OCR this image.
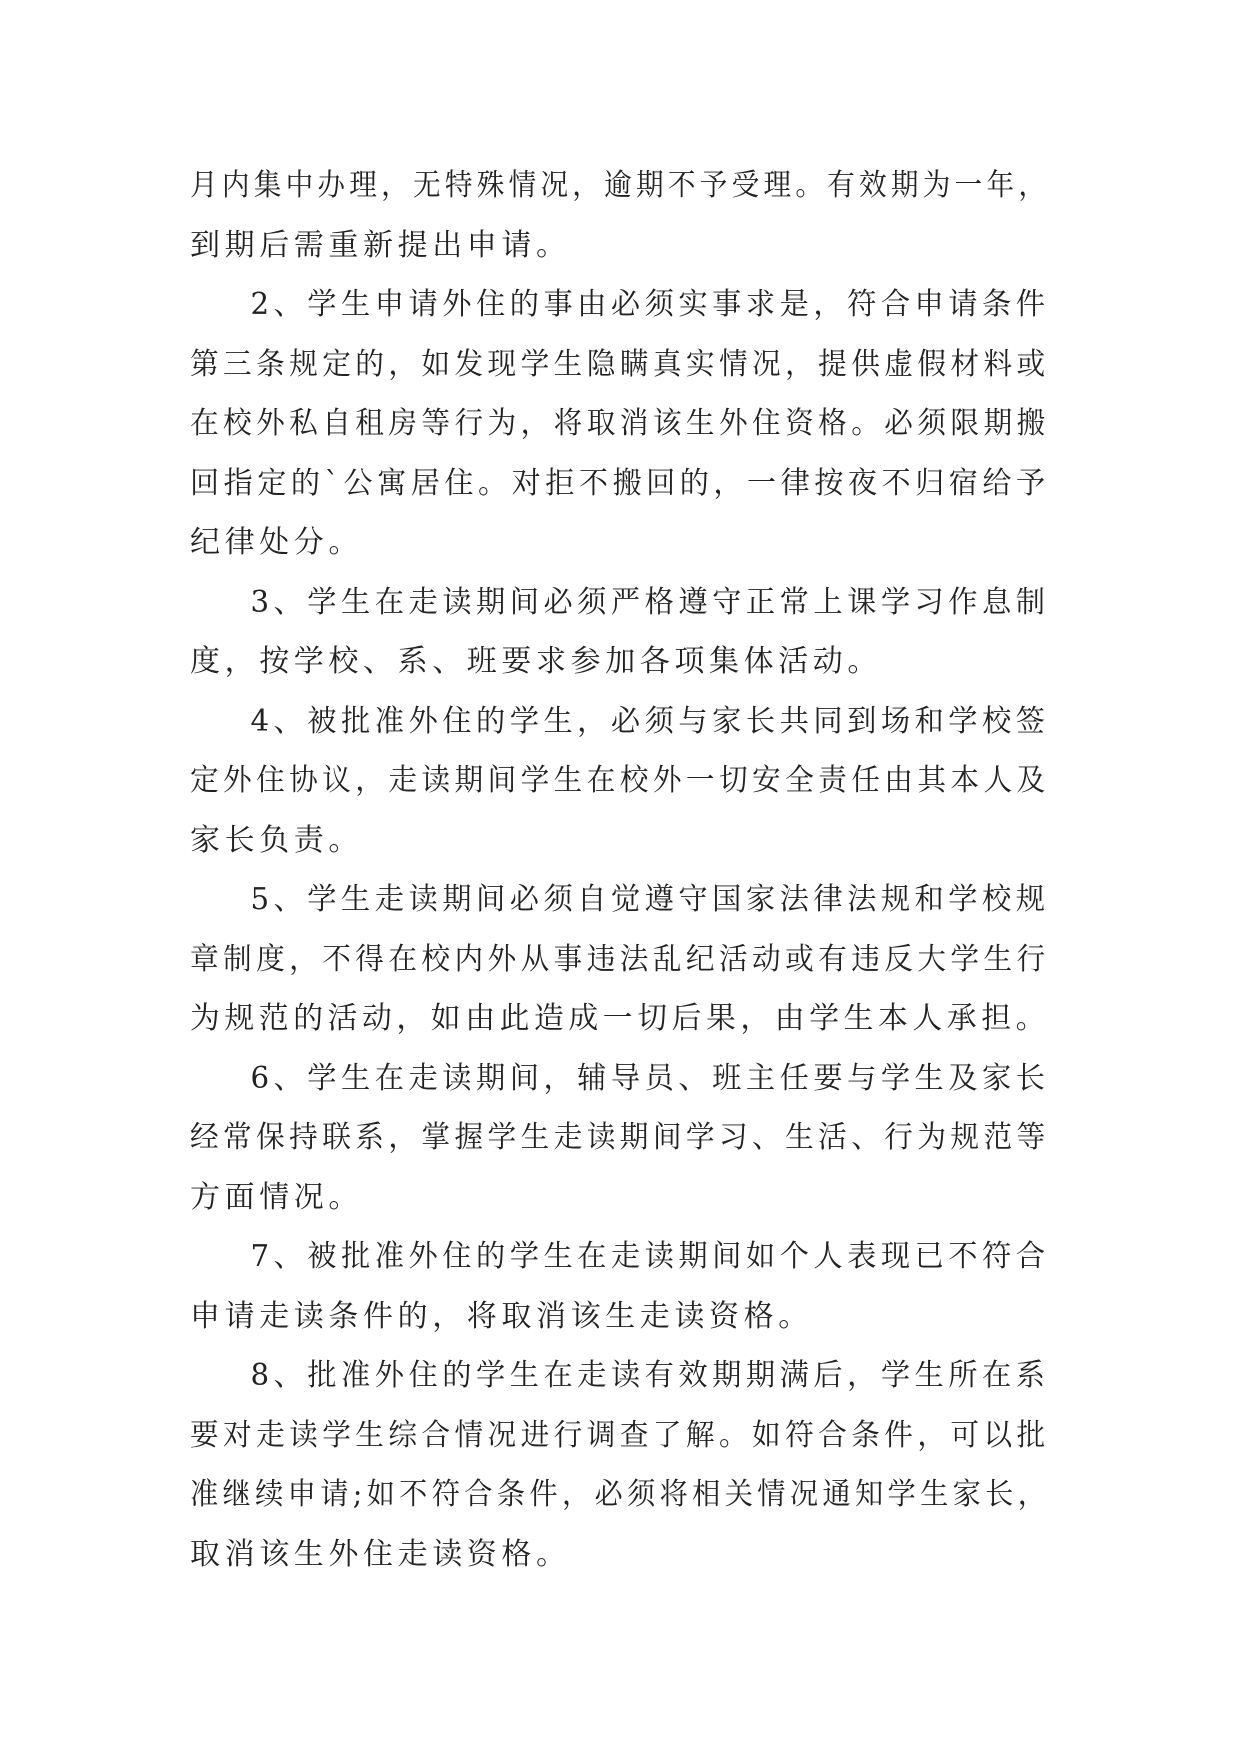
月内集中办理，无特殊情况，逾期不予受理。有效期为一年，
到期后需重新提出申请。
2、学生申请外住的事由必须实事求是，符合申请条件
第三条规定的，如发现学生隐瞒真实情况，提供虚假材料或
在校外私自租房等行为，将取消该生外住资格。必须限期搬
回指定的`公寓居住。对拒不搬回的，一律按夜不归宿给予
纪律处分。
3、学生在走读期间必须严格遵守正常上课学习作息制
度，按学校、系、班要求参加各项集体活动。
4、被批准外住的学生，必须与家长共同到场和学校签
定外住协议，走读期间学生在校外一切安全责任由其本人及
家长负责。
5、学生走读期间必须自觉遵守国家法律法规和学校规
章制度，不得在校内外从事违法乱纪活动或有违反大学生行
为规范的活动，如由此造成一切后果，由学生本人承担。
6、学生在走读期间，辅导员、班主任要与学生及家长
经常保持联系，掌握学生走读期间学习、生活、行为规范等
方面情况。
7、被批准外住的学生在走读期间如个人表现已不符合
申请走读条件的，将取消该生走读资格。
8、批准外住的学生在走读有效期期满后，学生所在系
要对走读学生综合情况进行调查了解。如符合条件，可以批
准继续申请;如不符合条件，必须将相关情况通知学生家长，
取消该生外住走读资格。
